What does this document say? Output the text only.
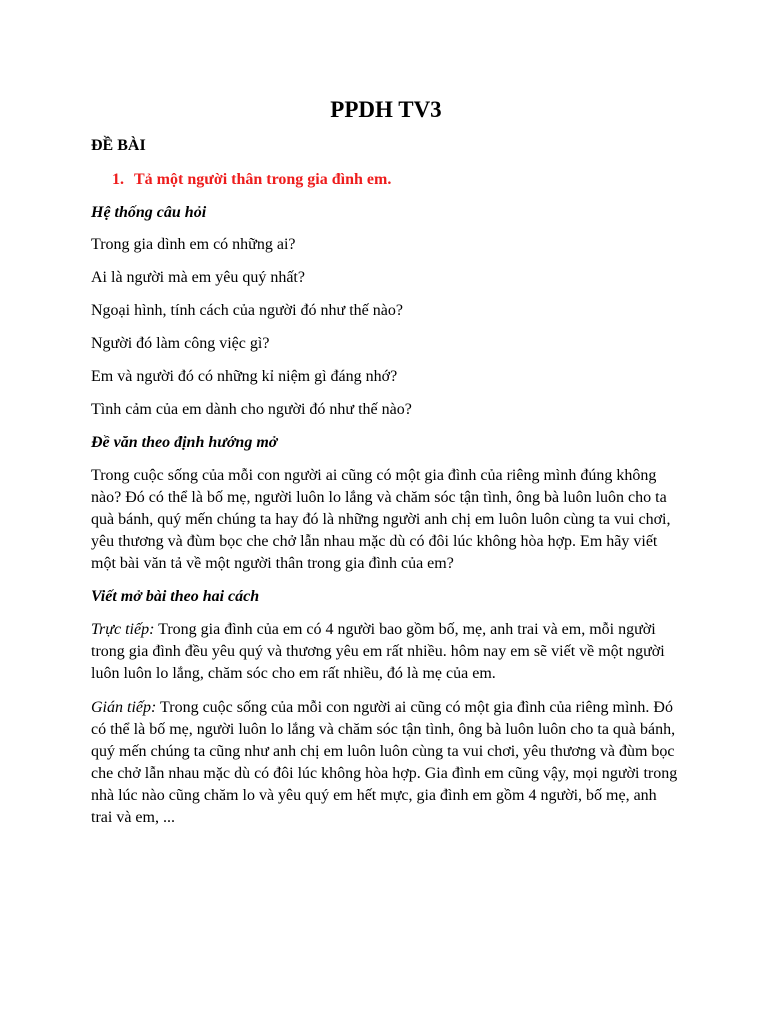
PPDH TV3
ĐỀ BÀI
1. Tả một người thân trong gia đình em.
Hệ thống câu hỏi
Trong gia dình em có những ai?
Ai là người mà em yêu quý nhất?
Ngoại hình, tính cách của người đó như thế nào?
Người đó làm công việc gì?
Em và người đó có những kỉ niệm gì đáng nhớ?
Tình cảm của em dành cho người đó như thế nào?
Đề văn theo định hướng mở
Trong cuộc sống của mỗi con người ai cũng có một gia đình của riêng mình đúng không nào? Đó có thể là bố mẹ, người luôn lo lắng và chăm sóc tận tình, ông bà luôn luôn cho ta quà bánh, quý mến chúng ta hay đó là những người anh chị em luôn luôn cùng ta vui chơi, yêu thương và đùm bọc che chở lẫn nhau mặc dù có đôi lúc không hòa hợp. Em hãy viết một bài văn tả về một người thân trong gia đình của em?
Viết mở bài theo hai cách
Trực tiếp: Trong gia đình của em có 4 người bao gồm bố, mẹ, anh trai và em, mỗi người trong gia đình đều yêu quý và thương yêu em rất nhiều. hôm nay em sẽ viết về một người luôn luôn lo lắng, chăm sóc cho em rất nhiều, đó là mẹ của em.
Gián tiếp: Trong cuộc sống của mỗi con người ai cũng có một gia đình của riêng mình. Đó có thể là bố mẹ, người luôn lo lắng và chăm sóc tận tình, ông bà luôn luôn cho ta quà bánh, quý mến chúng ta cũng như anh chị em luôn luôn cùng ta vui chơi, yêu thương và đùm bọc che chở lẫn nhau mặc dù có đôi lúc không hòa hợp. Gia đình em cũng vậy, mọi người trong nhà lúc nào cũng chăm lo và yêu quý em hết mực, gia đình em gồm 4 người, bố mẹ, anh trai và em, ...
